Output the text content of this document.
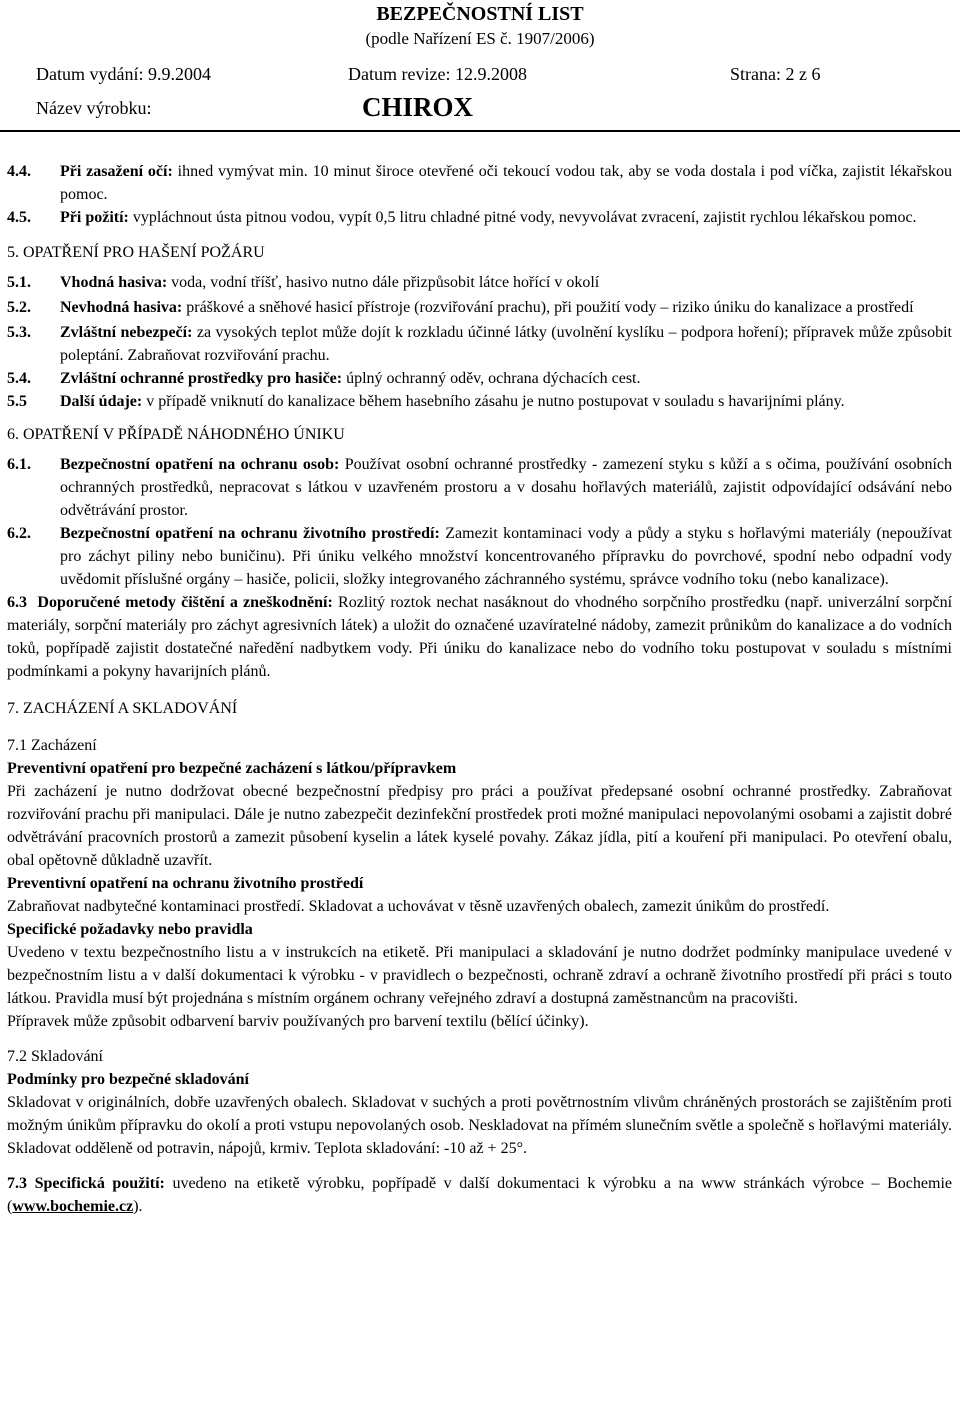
BEZPEČNOSTNÍ LIST
(podle Nařízení ES č. 1907/2006)
Datum vydání: 9.9.2004	Datum revize: 12.9.2008	Strana: 2 z 6
Název výrobku:	CHIROX
4.4. Při zasažení očí: ihned vymývat min. 10 minut široce otevřené oči tekoucí vodou tak, aby se voda dostala i pod víčka, zajistit lékařskou pomoc.
4.5. Při požití: vypláchnout ústa pitnou vodou, vypít 0,5 litru chladné pitné vody, nevyvolávat zvracení, zajistit rychlou lékařskou pomoc.
5. OPATŘENÍ PRO HAŠENÍ POŽÁRU
5.1. Vhodná hasiva: voda, vodní tříšť, hasivo nutno dále přizpůsobit látce hořící v okolí
5.2. Nevhodná hasiva: práškové a sněhové hasicí přístroje (rozviřování prachu), při použití vody – riziko úniku do kanalizace a prostředí
5.3. Zvláštní nebezpečí: za vysokých teplot může dojít k rozkladu účinné látky (uvolnění kyslíku – podpora hoření); přípravek může způsobit poleptání. Zabraňovat rozviřování prachu.
5.4. Zvláštní ochranné prostředky pro hasiče: úplný ochranný oděv, ochrana dýchacích cest.
5.5 Další údaje: v případě vniknutí do kanalizace během hasebního zásahu je nutno postupovat v souladu s havarijními plány.
6. OPATŘENÍ V PŘÍPADĚ NÁHODNÉHO ÚNIKU
6.1. Bezpečnostní opatření na ochranu osob: Používat osobní ochranné prostředky - zamezení styku s kůží a s očima, používání osobních ochranných prostředků, nepracovat s látkou v uzavřeném prostoru a v dosahu hořlavých materiálů, zajistit odpovídající odsávání nebo odvětrávání prostor.
6.2. Bezpečnostní opatření na ochranu životního prostředí: Zamezit kontaminaci vody a půdy a styku s hořlavými materiály (nepoužívat pro záchyt piliny nebo buničinu). Při úniku velkého množství koncentrovaného přípravku do povrchové, spodní nebo odpadní vody uvědomit příslušné orgány – hasiče, policii, složky integrovaného záchranného systému, správce vodního toku (nebo kanalizace).
6.3 Doporučené metody čištění a zneškodnění: Rozlitý roztok nechat nasáknout do vhodného sorpčního prostředku (např. univerzální sorpční materiály, sorpční materiály pro záchyt agresivních látek) a uložit do označené uzavíratelné nádoby, zamezit průnikům do kanalizace a do vodních toků, popřípadě zajistit dostatečné naředění nadbytkem vody. Při úniku do kanalizace nebo do vodního toku postupovat v souladu s místními podmínkami a pokyny havarijních plánů.
7. ZACHÁZENÍ A SKLADOVÁNÍ
7.1 Zacházení
Preventivní opatření pro bezpečné zacházení s látkou/přípravkem
Při zacházení je nutno dodržovat obecné bezpečnostní předpisy pro práci a používat předepsané osobní ochranné prostředky. Zabraňovat rozviřování prachu při manipulaci. Dále je nutno zabezpečit dezinfekční prostředek proti možné manipulaci nepovolanými osobami a zajistit dobré odvětrávání pracovních prostorů a zamezit působení kyselin a látek kyselé povahy. Zákaz jídla, pití a kouření při manipulaci. Po otevření obalu, obal opětovně důkladně uzavřít.
Preventivní opatření na ochranu životního prostředí
Zabraňovat nadbytečné kontaminaci prostředí. Skladovat a uchovávat v těsně uzavřených obalech, zamezit únikům do prostředí.
Specifické požadavky nebo pravidla
Uvedeno v textu bezpečnostního listu a v instrukcích na etiketě. Při manipulaci a skladování je nutno dodržet podmínky manipulace uvedené v bezpečnostním listu a v další dokumentaci k výrobku - v pravidlech o bezpečnosti, ochraně zdraví a ochraně životního prostředí při práci s touto látkou. Pravidla musí být projednána s místním orgánem ochrany veřejného zdraví a dostupná zaměstnancům na pracovišti.
Přípravek může způsobit odbarvení barviv používaných pro barvení textilu (bělící účinky).
7.2 Skladování
Podmínky pro bezpečné skladování
Skladovat v originálních, dobře uzavřených obalech. Skladovat v suchých a proti povětrnostním vlivům chráněných prostorách se zajištěním proti možným únikům přípravku do okolí a proti vstupu nepovolaných osob. Neskladovat na přímém slunečním světle a společně s hořlavými materiály. Skladovat odděleně od potravin, nápojů, krmiv. Teplota skladování: -10 až + 25°.
7.3 Specifická použití: uvedeno na etiketě výrobku, popřípadě v další dokumentaci k výrobku a na www stránkách výrobce – Bochemie (www.bochemie.cz).
